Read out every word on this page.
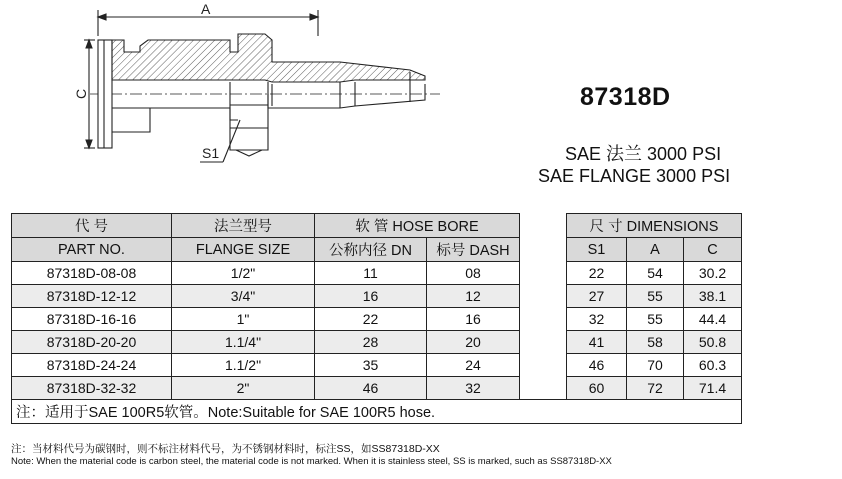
A
C
S1
87318D
SAE 法兰 3000 PSI
SAE FLANGE 3000 PSI
代 号	法兰型号	软 管 HOSE BORE			尺 寸 DIMENSIONS		
PART NO.	FLANGE SIZE	公称内径 DN	标号 DASH		S1	A	C
87318D-08-08	1/2"	11	08		22	54	30.2
87318D-12-12	3/4"	16	12		27	55	38.1
87318D-16-16	1"	22	16		32	55	44.4
87318D-20-20	1.1/4"	28	20		41	58	50.8
87318D-24-24	1.1/2"	35	24		46	70	60.3
87318D-32-32	2"	46	32		60	72	71.4
注：适用于SAE 100R5软管。Note:Suitable for SAE 100R5 hose.							
注：当材料代号为碳钢时，则不标注材料代号，为不锈钢材料时，标注SS，如SS87318D-XX
Note: When the material code is carbon steel, the material code is not marked. When it is stainless steel, SS is marked, such as SS87318D-XX
